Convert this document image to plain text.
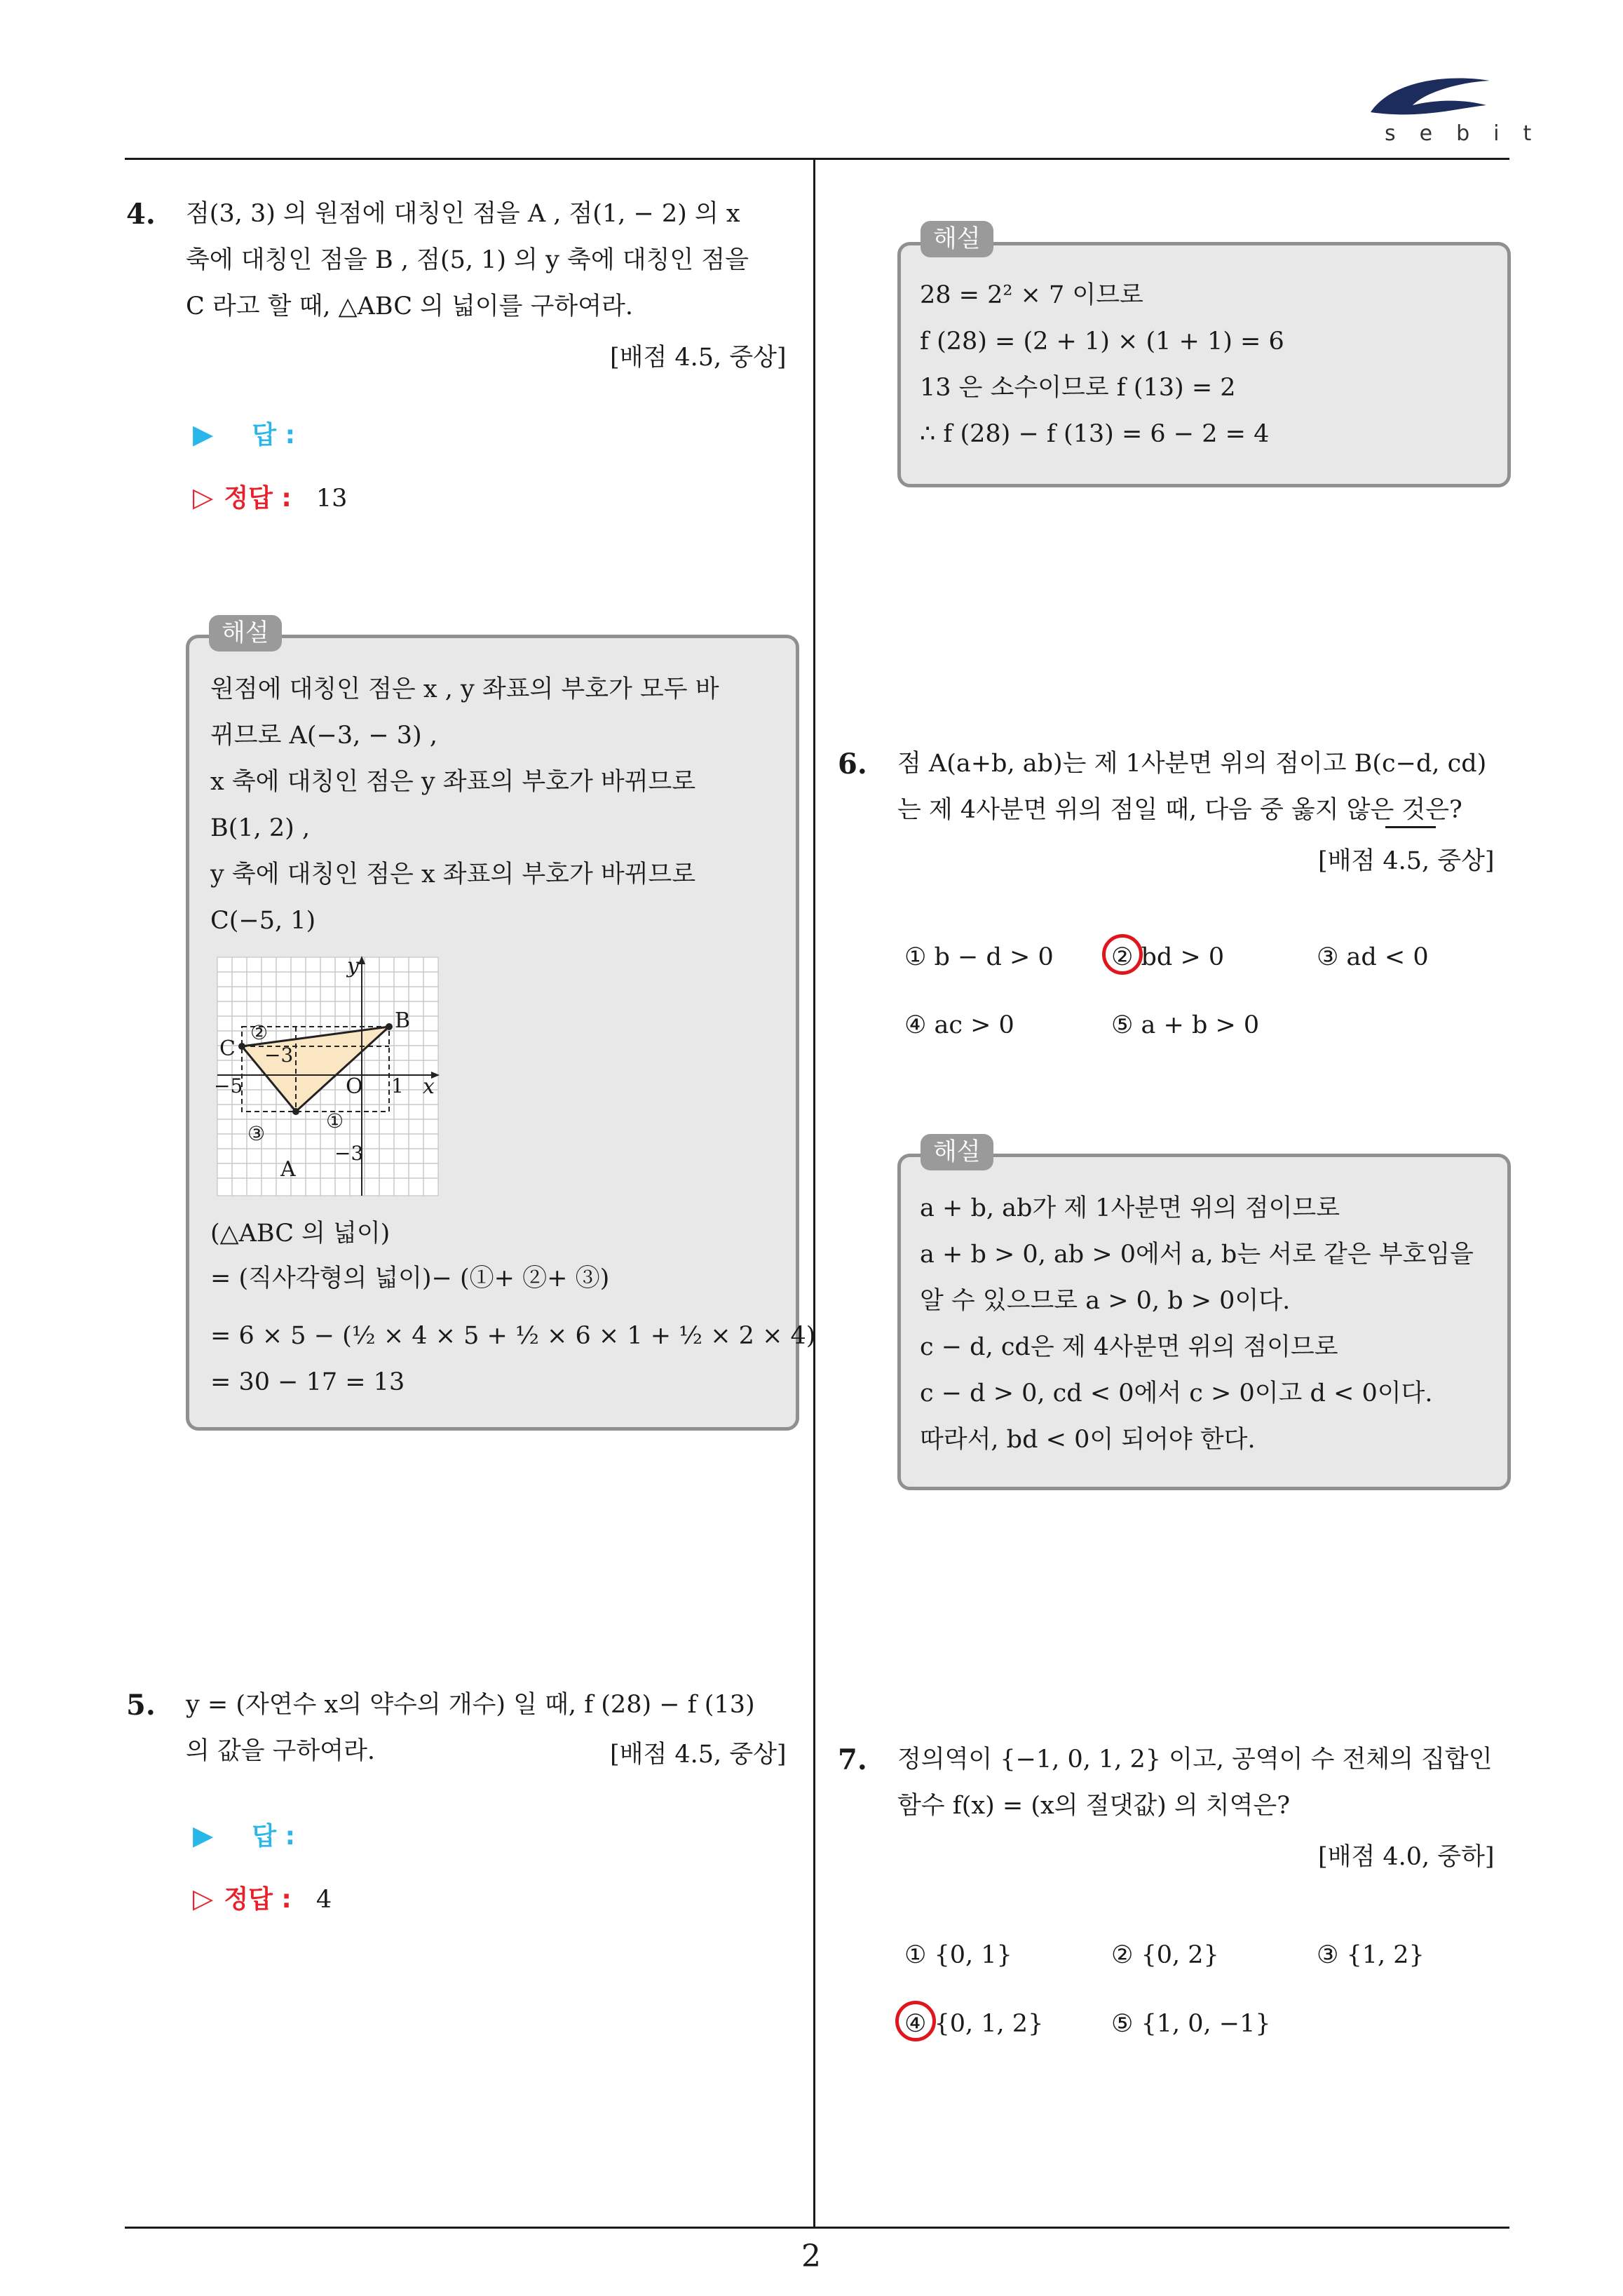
sebit
4. 점(3, 3) 의 원점에 대칭인 점을 A , 점(1, − 2) 의 x
축에 대칭인 점을 B , 점(5, 1) 의 y 축에 대칭인 점을
C 라고 할 때, △ABC 의 넓이를 구하여라.
[배점 4.5, 중상]
▶ 답 :
▷ 정답 : 13
해설
원점에 대칭인 점은 x , y 좌표의 부호가 모두 바
뀌므로 A(−3, − 3) ,
x 축에 대칭인 점은 y 좌표의 부호가 바뀌므로
B(1, 2) ,
y 축에 대칭인 점은 x 좌표의 부호가 바뀌므로
C(−5, 1)
y
B
②
C −3
−5	O 1 x
①
③
A
−3
(△ABC 의 넓이)
= (직사각형의 넓이)− (①+ ②+ ③)
= 6 × 5 − (½ × 4 × 5 + ½ × 6 × 1 + ½ × 2 × 4)
= 30 − 17 = 13
5. y = (자연수 x의 약수의 개수) 일 때, f (28) − f (13)
의 값을 구하여라.	[배점 4.5, 중상]
▶ 답 :
▷ 정답 : 4
해설
28 = 2² × 7 이므로
f (28) = (2 + 1) × (1 + 1) = 6
13 은 소수이므로 f (13) = 2
∴ f (28) − f (13) = 6 − 2 = 4
6. 점 A(a+b, ab)는 제 1사분면 위의 점이고 B(c−d, cd)
는 제 4사분면 위의 점일 때, 다음 중 옳지 않은 것은?
[배점 4.5, 중상]
① b − d > 0 ② bd > 0	③ ad < 0
④ ac > 0	⑤ a + b > 0
해설
a + b, ab가 제 1사분면 위의 점이므로
a + b > 0, ab > 0에서 a, b는 서로 같은 부호임을
알 수 있으므로 a > 0, b > 0이다.
c − d, cd은 제 4사분면 위의 점이므로
c − d > 0, cd < 0에서 c > 0이고 d < 0이다.
따라서, bd < 0이 되어야 한다.
7. 정의역이 {−1, 0, 1, 2} 이고, 공역이 수 전체의 집합인
함수 f(x) = (x의 절댓값) 의 치역은?
[배점 4.0, 중하]
① {0, 1}	② {0, 2}	③ {1, 2}
④ {0, 1, 2}	⑤ {1, 0, −1}
2
